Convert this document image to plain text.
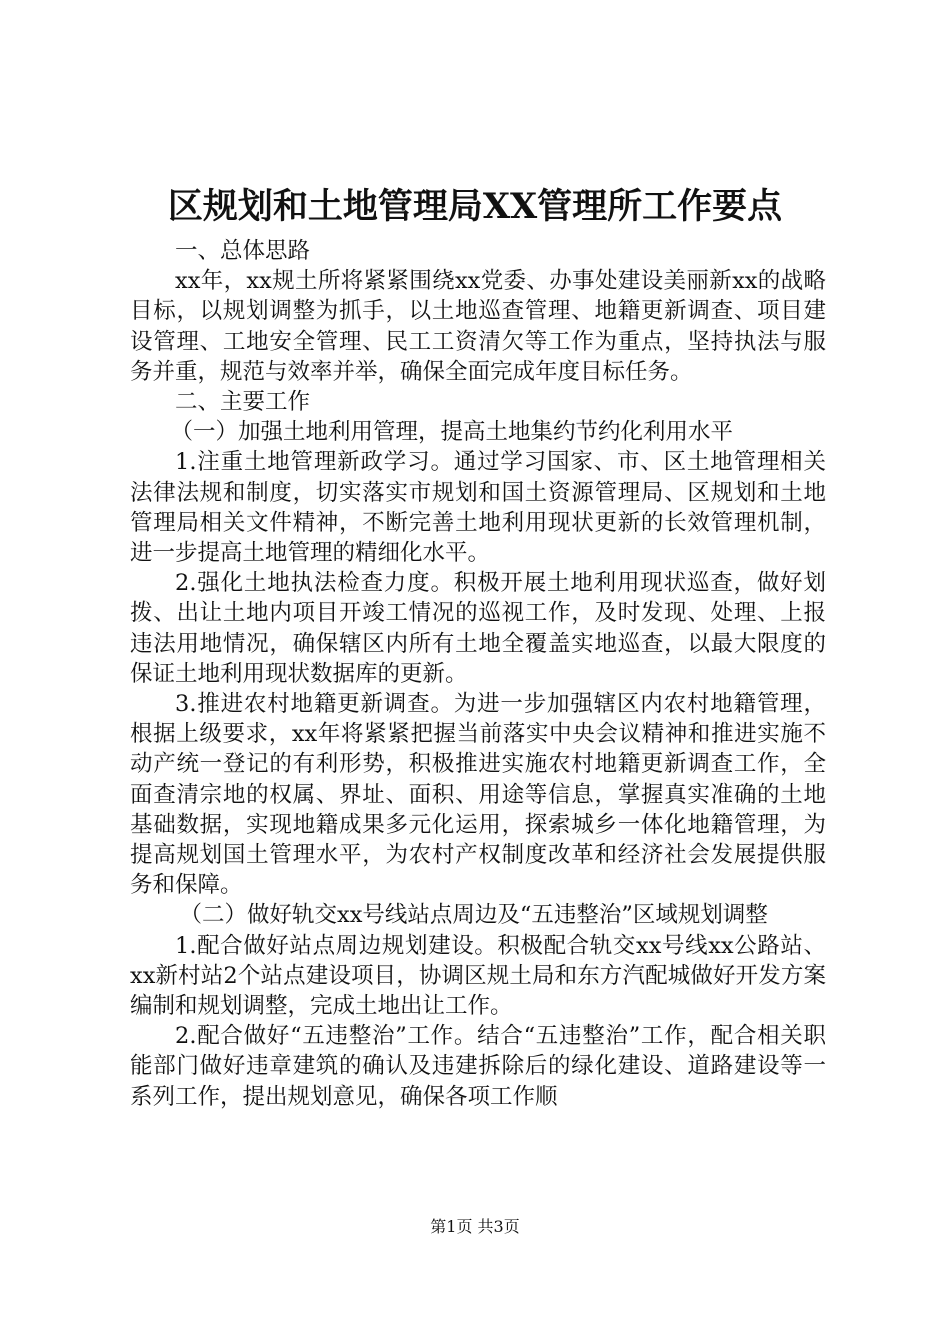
区规划和土地管理局XX管理所工作要点

一、总体思路

xx年，xx规土所将紧紧围绕xx党委、办事处建设美丽新xx的战略目标，以规划调整为抓手，以土地巡查管理、地籍更新调查、项目建设管理、工地安全管理、民工工资清欠等工作为重点，坚持执法与服务并重，规范与效率并举，确保全面完成年度目标任务。

二、主要工作

（一）加强土地利用管理，提高土地集约节约化利用水平

1.注重土地管理新政学习。通过学习国家、市、区土地管理相关法律法规和制度，切实落实市规划和国土资源管理局、区规划和土地管理局相关文件精神，不断完善土地利用现状更新的长效管理机制，进一步提高土地管理的精细化水平。

2.强化土地执法检查力度。积极开展土地利用现状巡查，做好划拨、出让土地内项目开竣工情况的巡视工作，及时发现、处理、上报违法用地情况，确保辖区内所有土地全覆盖实地巡查，以最大限度的保证土地利用现状数据库的更新。

3.推进农村地籍更新调查。为进一步加强辖区内农村地籍管理，根据上级要求，xx年将紧紧把握当前落实中央会议精神和推进实施不动产统一登记的有利形势，积极推进实施农村地籍更新调查工作，全面查清宗地的权属、界址、面积、用途等信息，掌握真实准确的土地基础数据，实现地籍成果多元化运用，探索城乡一体化地籍管理，为提高规划国土管理水平，为农村产权制度改革和经济社会发展提供服务和保障。

（二）做好轨交xx号线站点周边及“五违整治”区域规划调整

1.配合做好站点周边规划建设。积极配合轨交xx号线xx公路站、xx新村站2个站点建设项目，协调区规土局和东方汽配城做好开发方案编制和规划调整，完成土地出让工作。

2.配合做好“五违整治”工作。结合“五违整治”工作，配合相关职能部门做好违章建筑的确认及违建拆除后的绿化建设、道路建设等一系列工作，提出规划意见，确保各项工作顺

第1页 共3页
